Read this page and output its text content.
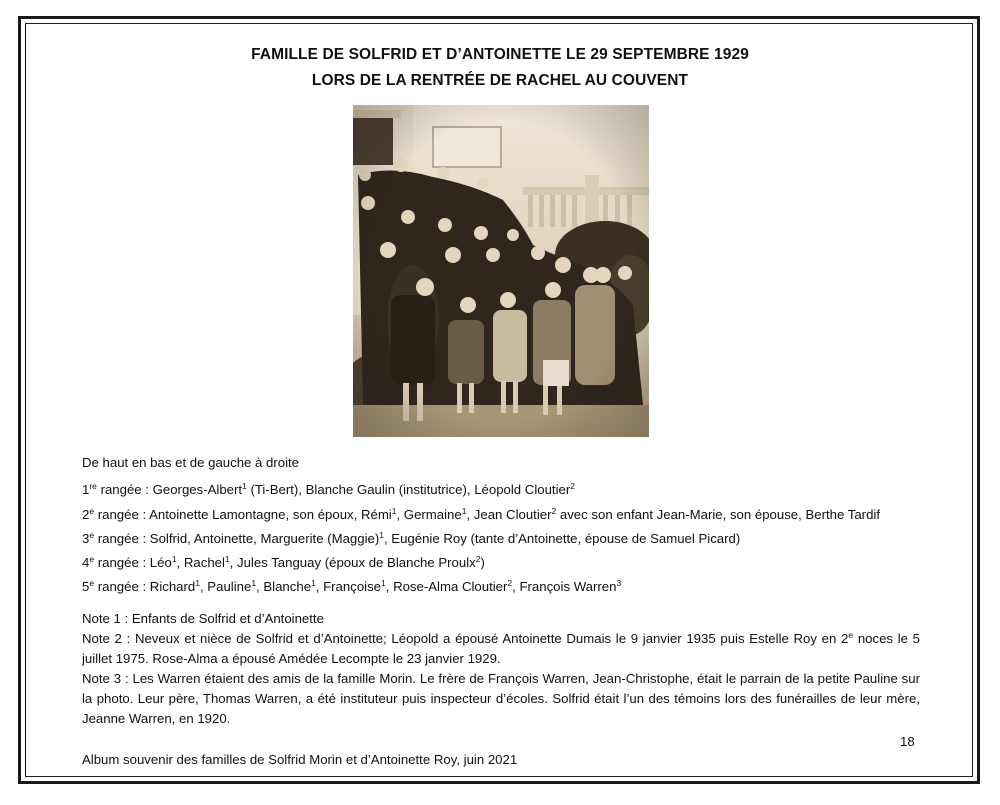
FAMILLE DE SOLFRID ET D’ANTOINETTE LE 29 SEPTEMBRE 1929
LORS DE LA RENTRÉE DE RACHEL AU COUVENT
De haut en bas et de gauche à droite
1re rangée : Georges-Albert$^1$ (Ti-Bert), Blanche Gaulin (institutrice), Léopold Cloutier$^2$
2e rangée : Antoinette Lamontagne, son époux, Rémi$^1$, Germaine$^1$, Jean Cloutier$^2$ avec son enfant Jean-Marie, son épouse, Berthe Tardif
3e rangée : Solfrid, Antoinette, Marguerite (Maggie)$^1$, Eugénie Roy (tante d’Antoinette, épouse de Samuel Picard)
4e rangée : Léo$^1$, Rachel$^1$, Jules Tanguay (époux de Blanche Proulx$^2$)
5e rangée : Richard$^1$, Pauline$^1$, Blanche$^1$, Françoise$^1$, Rose-Alma Cloutier$^2$, François Warren$^3$

Note 1 : Enfants de Solfrid et d’Antoinette

Note 2 : Neveux et nièce de Solfrid et d’Antoinette; Léopold a épousé Antoinette Dumais le 9 janvier 1935 puis Estelle Roy en 2e noces le 5 juillet 1975. Rose-Alma a épousé Amédée Lecompte le 23 janvier 1929.

Note 3 : Les Warren étaient des amis de la famille Morin. Le frère de François Warren, Jean-Christophe, était le parrain de la petite Pauline sur la photo. Leur père, Thomas Warren, a été instituteur puis inspecteur d’écoles. Solfrid était l’un des témoins lors des funérailles de leur mère, Jeanne Warren, en 1920.

18
Album souvenir des familles de Solfrid Morin et d’Antoinette Roy, juin 2021
